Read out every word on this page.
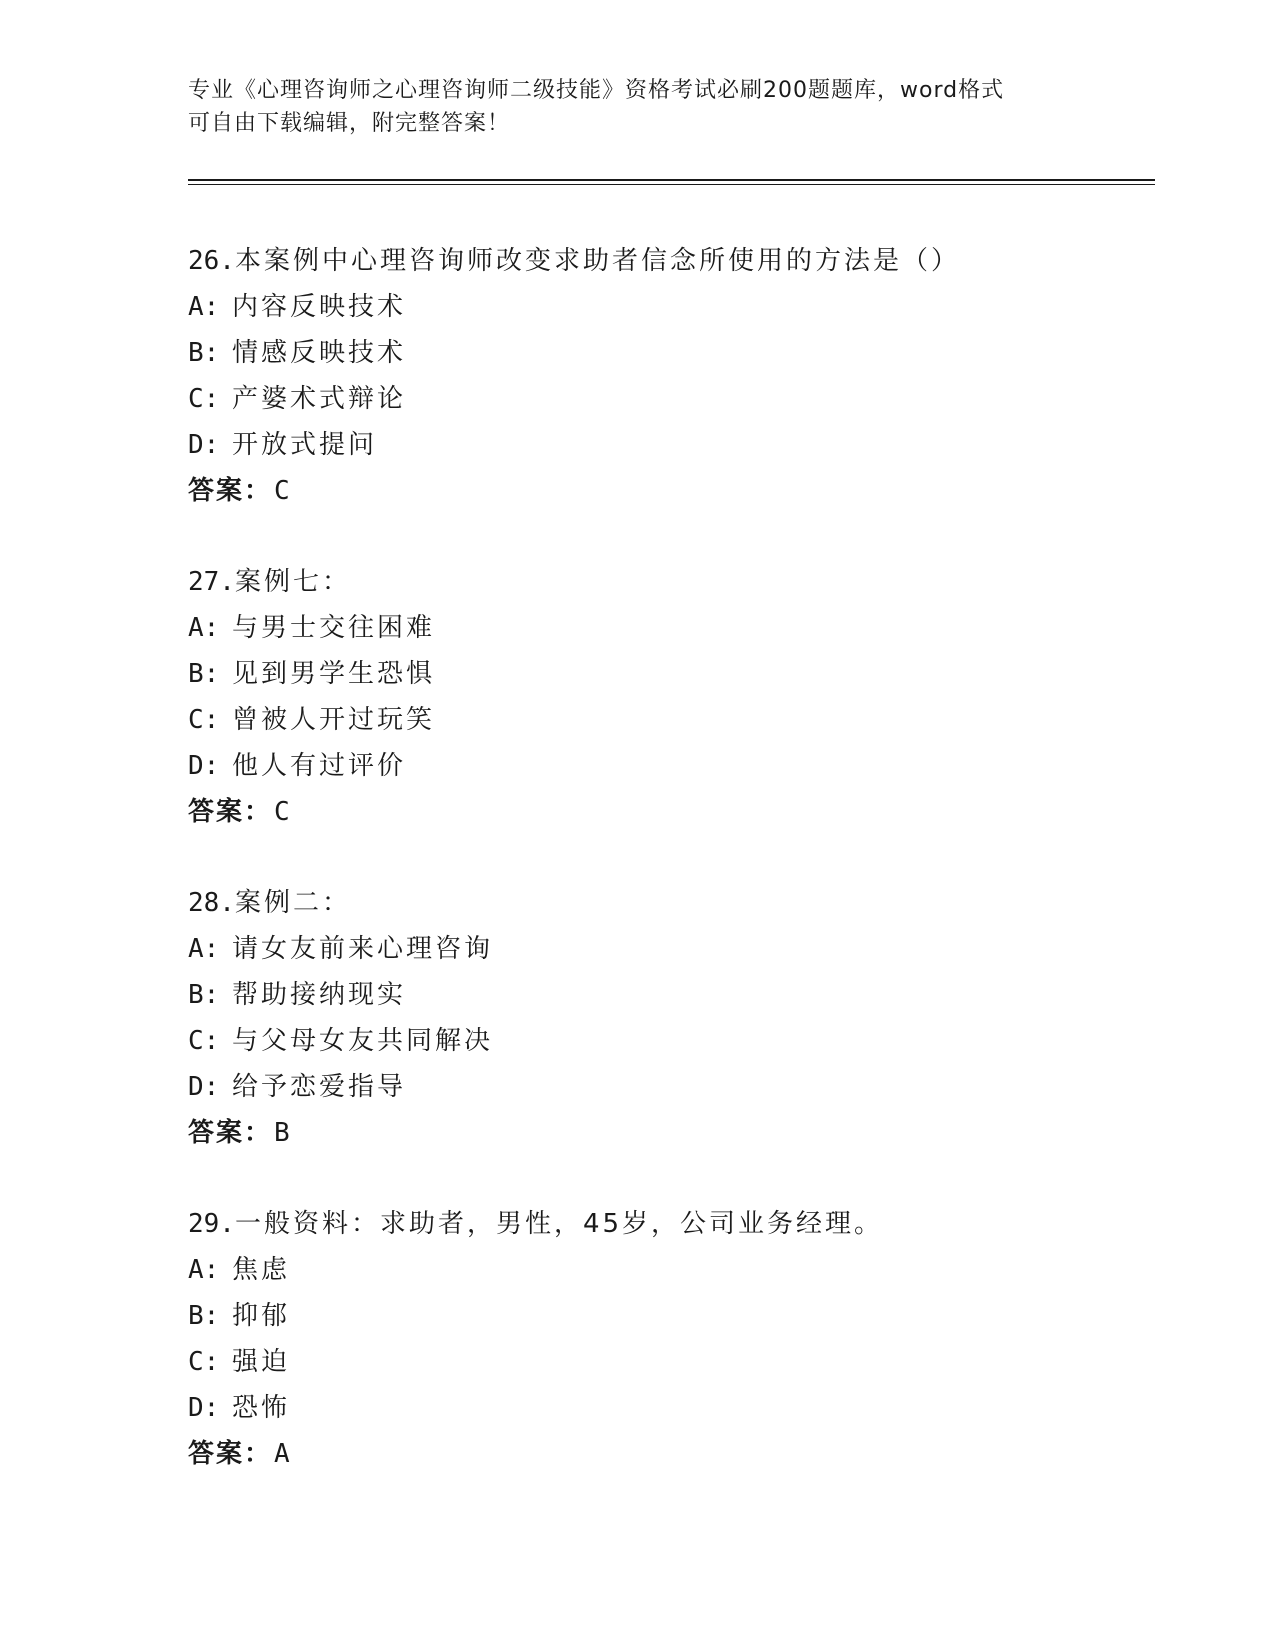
专业《心理咨询师之心理咨询师二级技能》资格考试必刷200题题库，word格式
可自由下载编辑，附完整答案！
26.本案例中心理咨询师改变求助者信念所使用的方法是（）
A: 内容反映技术
B: 情感反映技术
C: 产婆术式辩论
D: 开放式提问
答案：C
27.案例七：
A: 与男士交往困难
B: 见到男学生恐惧
C: 曾被人开过玩笑
D: 他人有过评价
答案：C
28.案例二：
A: 请女友前来心理咨询
B: 帮助接纳现实
C: 与父母女友共同解决
D: 给予恋爱指导
答案：B
29.一般资料：求助者，男性，45岁，公司业务经理。
A: 焦虑
B: 抑郁
C: 强迫
D: 恐怖
答案：A
